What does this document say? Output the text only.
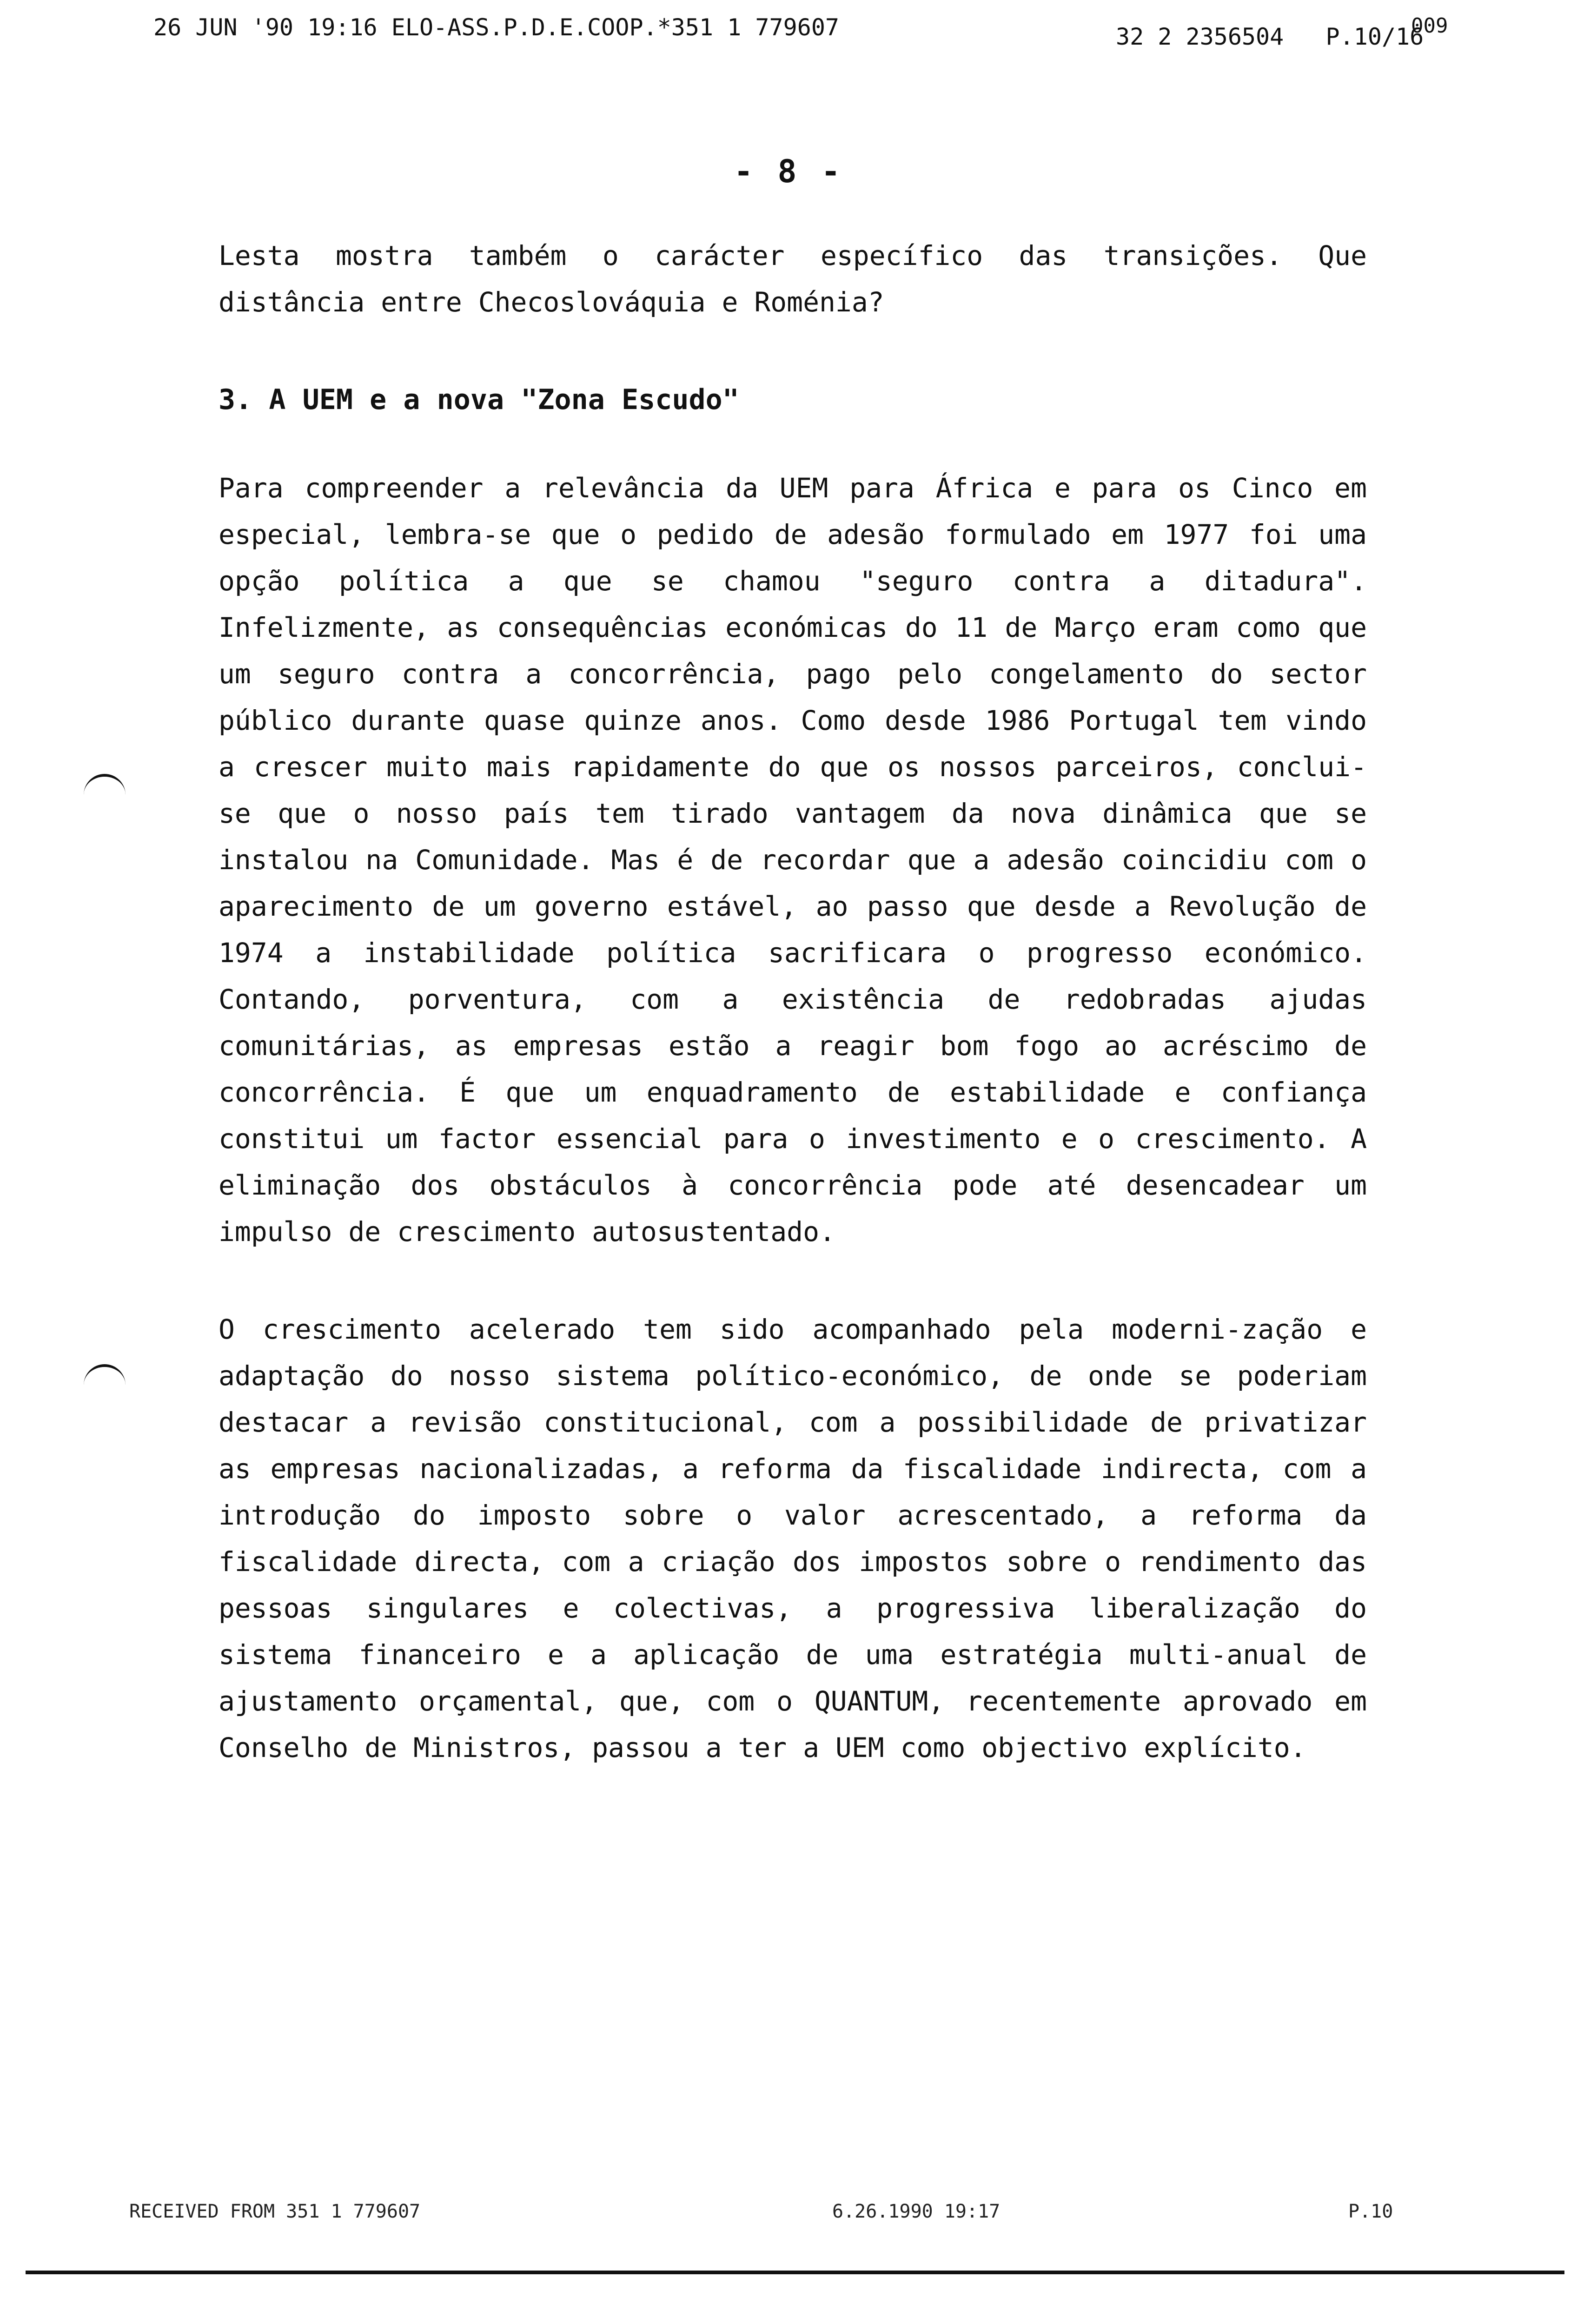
26 JUN '90 19:16 ELO-ASS.P.D.E.COOP.*351 1 779607	32 2 2356504 P.10/16
009
- 8 -

Lesta mostra também o carácter específico das transições. Que distância entre Checoslováquia e Roménia?

3. A UEM e a nova "Zona Escudo"

Para compreender a relevância da UEM para África e para os Cinco em especial, lembra-se que o pedido de adesão formulado em 1977 foi uma opção política a que se chamou "seguro contra a ditadura". Infelizmente, as consequências económicas do 11 de Março eram como que um seguro contra a concorrência, pago pelo congelamento do sector público durante quase quinze anos. Como desde 1986 Portugal tem vindo a crescer muito mais rapidamente do que os nossos parceiros, conclui-se que o nosso país tem tirado vantagem da nova dinâmica que se instalou na Comunidade. Mas é de recordar que a adesão coincidiu com o aparecimento de um governo estável, ao passo que desde a Revolução de 1974 a instabilidade política sacrificara o progresso económico. Contando, porventura, com a existência de redobradas ajudas comunitárias, as empresas estão a reagir bom fogo ao acréscimo de concorrência. É que um enquadramento de estabilidade e confiança constitui um factor essencial para o investimento e o crescimento. A eliminação dos obstáculos à concorrência pode até desencadear um impulso de crescimento autosustentado.

O crescimento acelerado tem sido acompanhado pela moderni-zação e adaptação do nosso sistema político-económico, de onde se poderiam destacar a revisão constitucional, com a possibilidade de privatizar as empresas nacionalizadas, a reforma da fiscalidade indirecta, com a introdução do imposto sobre o valor acrescentado, a reforma da fiscalidade directa, com a criação dos impostos sobre o rendimento das pessoas singulares e colectivas, a progressiva liberalização do sistema financeiro e a aplicação de uma estratégia multi-anual de ajustamento orçamental, que, com o QUANTUM, recentemente aprovado em Conselho de Ministros, passou a ter a UEM como objectivo explícito.

RECEIVED FROM 351 1 779607	6.26.1990 19:17	P.10
